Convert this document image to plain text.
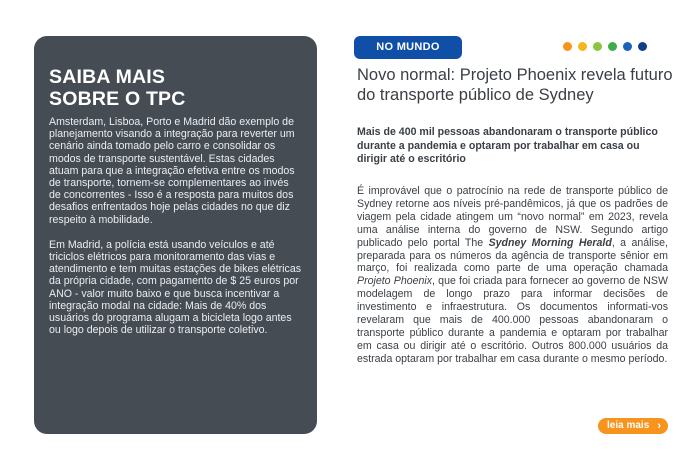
SAIBA MAIS
SOBRE O TPC

Amsterdam, Lisboa, Porto e Madrid dão exemplo de planejamento visando a integração para reverter um cenário ainda tomado pelo carro e consolidar os modos de transporte sustentável. Estas cidades atuam para que a integração efetiva entre os modos de transporte, tornem-se complementares ao invés de concorrentes - Isso é a resposta para muitos dos desafios enfrentados hoje pelas cidades no que diz respeito à mobilidade.

Em Madrid, a polícia está usando veículos e até triciclos elétricos para monitoramento das vias e atendimento e tem muitas estações de bikes elétricas da própria cidade, com pagamento de $ 25 euros por ANO - valor muito baixo e que busca incentivar a integração modal na cidade: Mais de 40% dos usuários do programa alugam a bicicleta logo antes ou logo depois de utilizar o transporte coletivo.

NO MUNDO
Novo normal: Projeto Phoenix revela futuro do transporte público de Sydney

Mais de 400 mil pessoas abandonaram o transporte público durante a pandemia e optaram por trabalhar em casa ou dirigir até o escritório

É improvável que o patrocínio na rede de transporte público de Sydney retorne aos níveis pré-pandêmicos, já que os padrões de viagem pela cidade atingem um “novo normal” em 2023, revela uma análise interna do governo de NSW. Segundo artigo publicado pelo portal The Sydney Morning Herald, a análise, preparada para os números da agência de transporte sênior em março, foi realizada como parte de uma operação chamada Projeto Phoenix, que foi criada para fornecer ao governo de NSW modelagem de longo prazo para informar decisões de investimento e infraestrutura. Os documentos informati-vos revelaram que mais de 400.000 pessoas abandonaram o transporte público durante a pandemia e optaram por trabalhar em casa ou dirigir até o escritório. Outros 800.000 usuários da estrada optaram por trabalhar em casa durante o mesmo período.

leia mais ›
